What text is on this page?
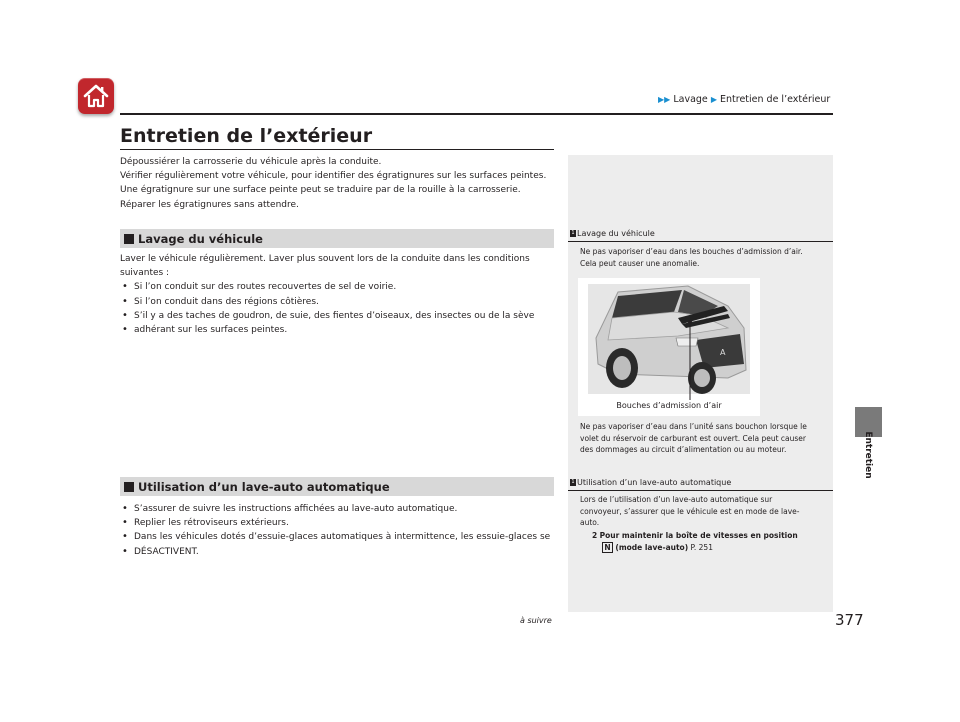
▶▶ Lavage ▶ Entretien de l’extérieur
Entretien
Entretien de l’extérieur
Dépoussiérer la carrosserie du véhicule après la conduite.
Vérifier régulièrement votre véhicule, pour identifier des égratignures sur les surfaces peintes.
Une égratignure sur une surface peinte peut se traduire par de la rouille à la carrosserie.
Réparer les égratignures sans attendre.
Lavage du véhicule
Laver le véhicule régulièrement. Laver plus souvent lors de la conduite dans les conditions
suivantes :
• Si l’on conduit sur des routes recouvertes de sel de voirie.
• Si l’on conduit dans des régions côtières.
• S’il y a des taches de goudron, de suie, des fientes d’oiseaux, des insectes ou de la sève
• adhérant sur les surfaces peintes.
Utilisation d’un lave-auto automatique
• S’assurer de suivre les instructions affichées au lave-auto automatique.
• Replier les rétroviseurs extérieurs.
• Dans les véhicules dotés d’essuie-glaces automatiques à intermittence, les essuie-glaces se
• DÉSACTIVENT.
à suivre	377
1 Lavage du véhicule
Ne pas vaporiser d’eau dans les bouches d’admission d’air.
Cela peut causer une anomalie.
A
Bouches d’admission d’air
Ne pas vaporiser d’eau dans l’unité sans bouchon lorsque le
volet du réservoir de carburant est ouvert. Cela peut causer
des dommages au circuit d’alimentation ou au moteur.
1 Utilisation d’un lave-auto automatique
Lors de l’utilisation d’un lave-auto automatique sur
convoyeur, s’assurer que le véhicule est en mode de lave-
auto.
2 Pour maintenir la boîte de vitesses en position
N (mode lave-auto) P. 251
